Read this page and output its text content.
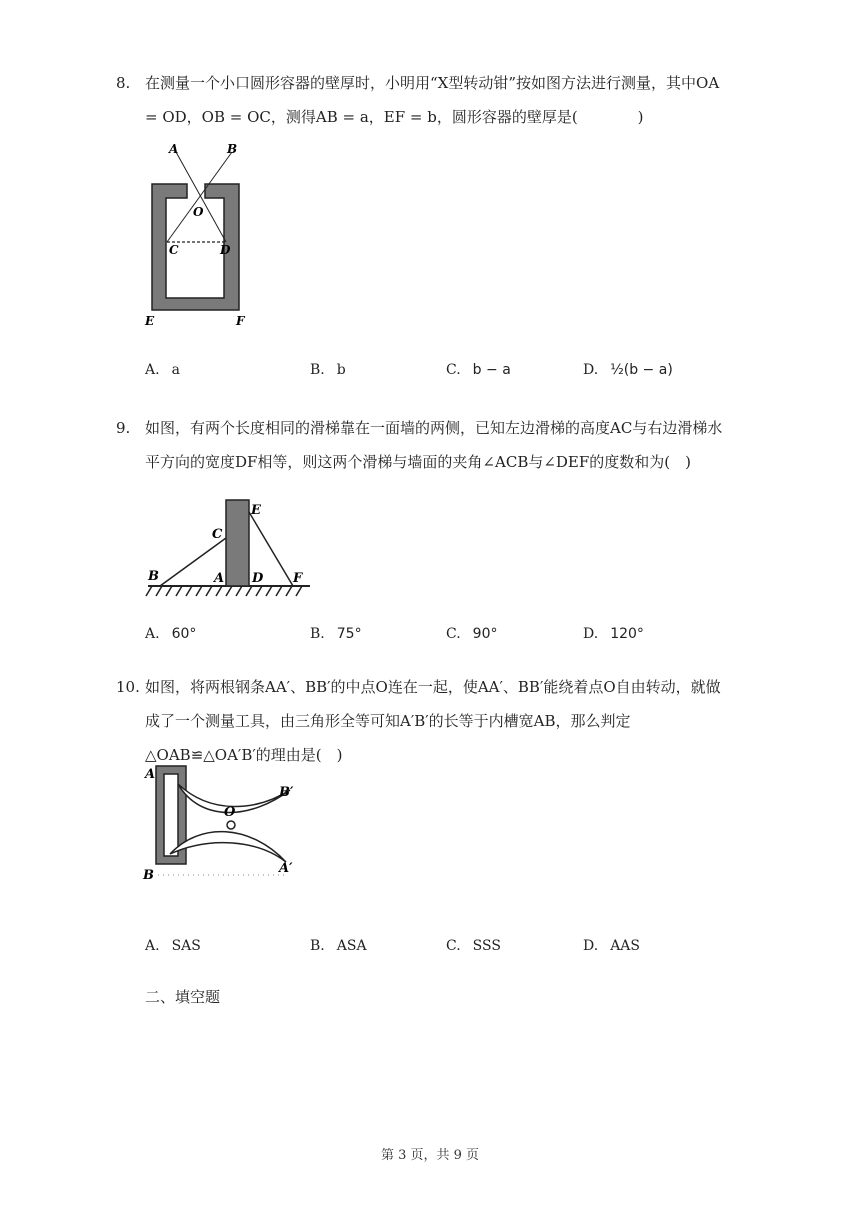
8. 在测量一个小口圆形容器的壁厚时，小明用“X型转动钳”按如图方法进行测量，其中OA = OD，OB = OC，测得AB = a，EF = b，圆形容器的壁厚是(　　　　)
A	B
O
C	D
E	F
A. a	B. b	C. b − a	D. ½(b − a)
9. 如图，有两个长度相同的滑梯靠在一面墙的两侧，已知左边滑梯的高度AC与右边滑梯水平方向的宽度DF相等，则这两个滑梯与墙面的夹角∠ACB与∠DEF的度数和为(　)
B
C
A D
E
F
A. 60°	B. 75°	C. 90°	D. 120°
10. 如图，将两根钢条AA′、BB′的中点O连在一起，使AA′、BB′能绕着点O自由转动，就做成了一个测量工具，由三角形全等可知A′B′的长等于内槽宽AB，那么判定△OAB≌△OA′B′的理由是(　)
A
O
B′
A′
B
A. SAS	B. ASA	C. SSS	D. AAS
二、填空题
第 3 页，共 9 页
